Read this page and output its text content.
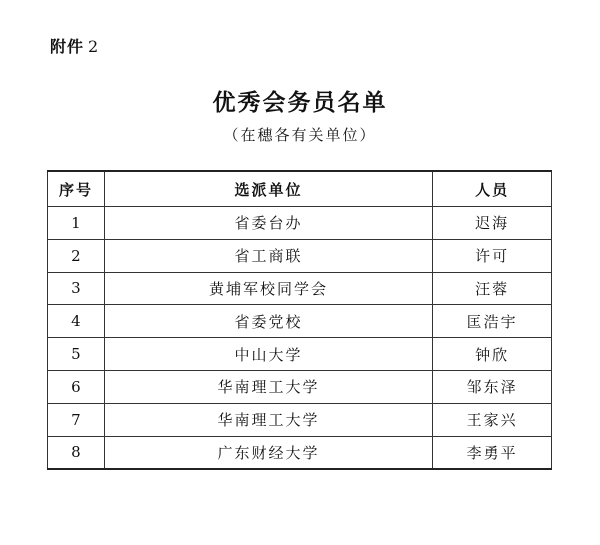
附件 2
优秀会务员名单
（在穗各有关单位）
序号	选派单位	人员
1	省委台办	迟海
2	省工商联	许可
3	黄埔军校同学会	汪蓉
4	省委党校	匡浩宇
5	中山大学	钟欣
6	华南理工大学	邹东泽
7	华南理工大学	王家兴
8	广东财经大学	李勇平
